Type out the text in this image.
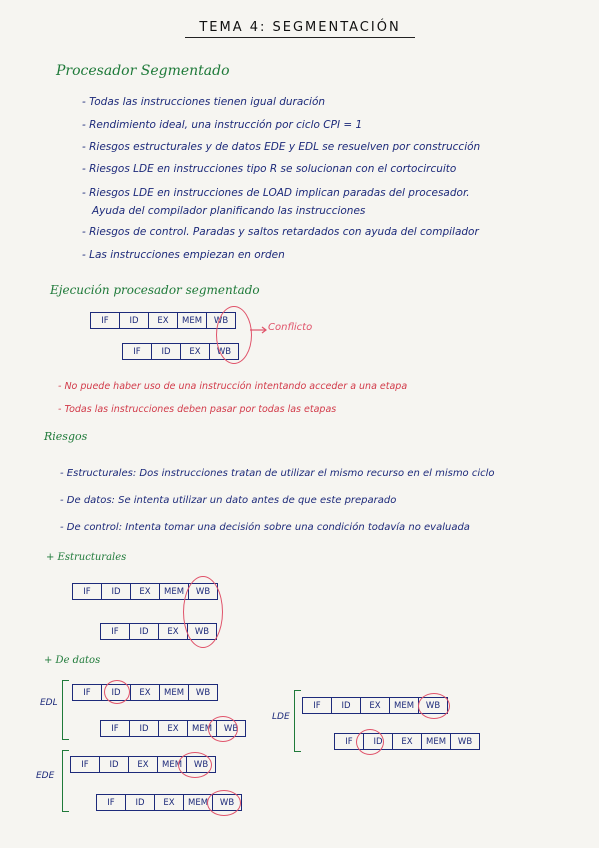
TEMA 4: SEGMENTACIÓN
Procesador Segmentado
- Todas las instrucciones tienen igual duración
- Rendimiento ideal, una instrucción por ciclo CPI = 1
- Riesgos estructurales y de datos EDE y EDL se resuelven por construcción
- Riesgos LDE en instrucciones tipo R se solucionan con el cortocircuito
- Riesgos LDE en instrucciones de LOAD implican paradas del procesador.
Ayuda del compilador planificando las instrucciones
- Riesgos de control. Paradas y saltos retardados con ayuda del compilador
- Las instrucciones empiezan en orden
Ejecución procesador segmentado
IF	ID	EX	MEM	WB
IF	ID	EX	WB
Conflicto
- No puede haber uso de una instrucción intentando acceder a una etapa
- Todas las instrucciones deben pasar por todas las etapas
Riesgos
- Estructurales: Dos instrucciones tratan de utilizar el mismo recurso en el mismo ciclo
- De datos: Se intenta utilizar un dato antes de que este preparado
- De control: Intenta tomar una decisión sobre una condición todavía no evaluada
+ Estructurales
IF	ID	EX	MEM	WB
IF	ID	EX	WB
+ De datos
EDL
IF	ID	EX	MEM	WB
IF	ID	EX	MEM	WB
EDE
IF	ID	EX	MEM	WB
IF	ID	EX	MEM	WB
LDE
IF	ID	EX	MEM	WB
IF	ID	EX	MEM	WB
